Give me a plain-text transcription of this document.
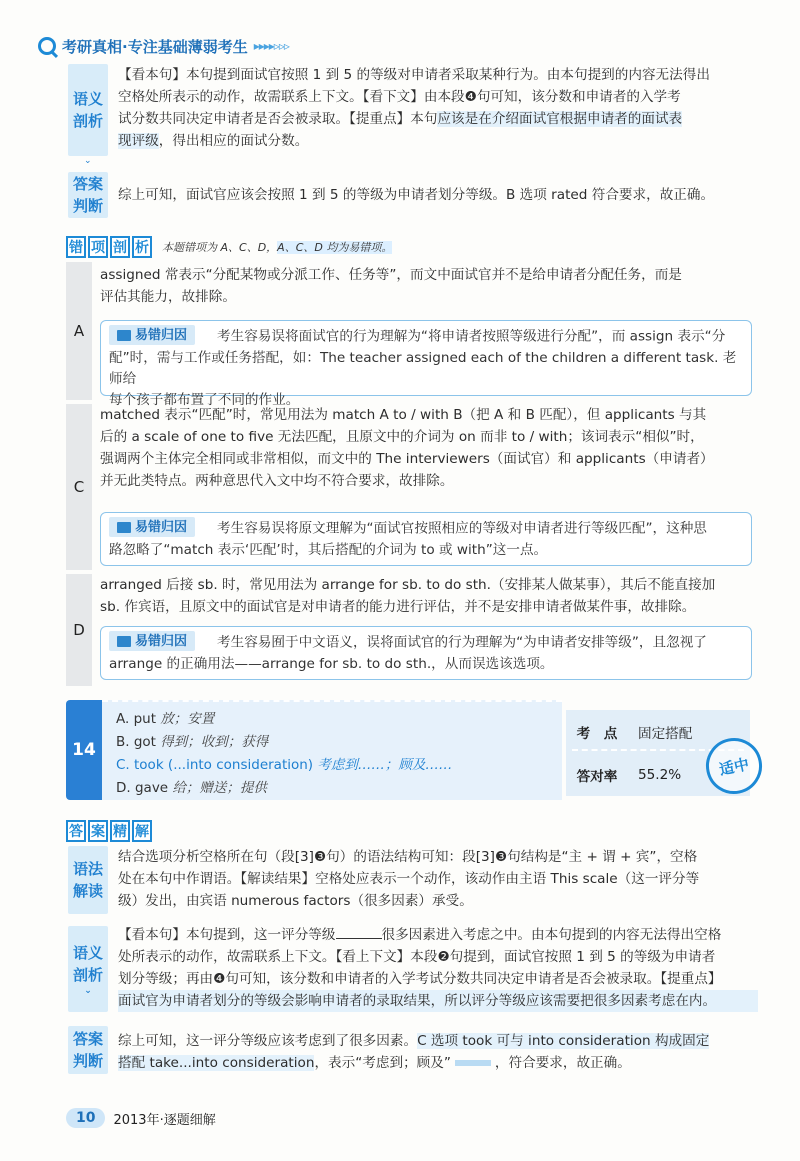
考研真相·专注基础薄弱考生 ▸▸▸▸▹▹▹
语义
剖析
⌄
【看本句】本句提到面试官按照 1 到 5 的等级对申请者采取某种行为。由本句提到的内容无法得出
空格处所表示的动作，故需联系上下文。【看下文】由本段❹句可知，该分数和申请者的入学考
试分数共同决定申请者是否会被录取。【提重点】本句应该是在介绍面试官根据申请者的面试表
现评级，得出相应的面试分数。
答案
判断
综上可知，面试官应该会按照 1 到 5 的等级为申请者划分等级。B 选项 rated 符合要求，故正确。
错 项 剖 析 本题错项为 A、C、D，A、C、D 均为易错项。
A
assigned 常表示“分配某物或分派工作、任务等”，而文中面试官并不是给申请者分配任务，而是
评估其能力，故排除。
易错归因 考生容易误将面试官的行为理解为“将申请者按照等级进行分配”，而 assign 表示“分
配”时，需与工作或任务搭配，如：The teacher assigned each of the children a different task. 老师给
每个孩子都布置了不同的作业。
C
matched 表示“匹配”时，常见用法为 match A to / with B（把 A 和 B 匹配），但 applicants 与其
后的 a scale of one to five 无法匹配，且原文中的介词为 on 而非 to / with；该词表示“相似”时，
强调两个主体完全相同或非常相似，而文中的 The interviewers（面试官）和 applicants（申请者）
并无此类特点。两种意思代入文中均不符合要求，故排除。
易错归因 考生容易误将原文理解为“面试官按照相应的等级对申请者进行等级匹配”，这种思
路忽略了“match 表示‘匹配’时，其后搭配的介词为 to 或 with”这一点。
D
arranged 后接 sb. 时，常见用法为 arrange for sb. to do sth.（安排某人做某事），其后不能直接加
sb. 作宾语，且原文中的面试官是对申请者的能力进行评估，并不是安排申请者做某件事，故排除。
易错归因 考生容易囿于中文语义，误将面试官的行为理解为“为申请者安排等级”，且忽视了
arrange 的正确用法——arrange for sb. to do sth.，从而误选该选项。
14
A. put 放；安置
B. got 得到；收到；获得
C. took (...into consideration) 考虑到……；顾及……
D. gave 给；赠送；提供
考　点	固定搭配
答对率	55.2%	适中
答 案 精 解
语法
解读
结合选项分析空格所在句（段[3]❸句）的语法结构可知：段[3]❸句结构是“主 + 谓 + 宾”，空格
处在本句中作谓语。【解读结果】空格处应表示一个动作，该动作由主语 This scale（这一评分等
级）发出，由宾语 numerous factors（很多因素）承受。
语义
剖析
⌄
【看本句】本句提到，这一评分等级	很多因素进入考虑之中。由本句提到的内容无法得出空格
处所表示的动作，故需联系上下文。【看上下文】本段❷句提到，面试官按照 1 到 5 的等级为申请者
划分等级；再由❹句可知，该分数和申请者的入学考试分数共同决定申请者是否会被录取。【提重点】
面试官为申请者划分的等级会影响申请者的录取结果，所以评分等级应该需要把很多因素考虑在内。
答案
判断
综上可知，这一评分等级应该考虑到了很多因素。C 选项 took 可与 into consideration 构成固定
搭配 take...into consideration，表示“考虑到；顾及”	，符合要求，故正确。
10	2013年·逐题细解
